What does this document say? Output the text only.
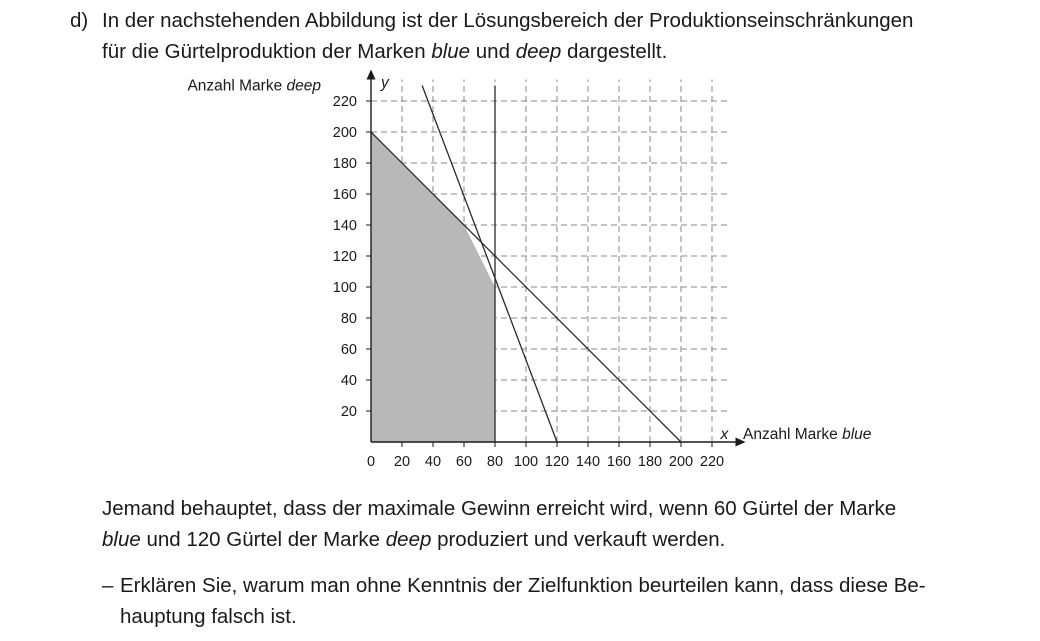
d) In der nachstehenden Abbildung ist der Lösungsbereich der Produktionseinschränkungen
für die Gürtelproduktion der Marken blue und deep dargestellt.
0 20 40 60 80 100 120 140 160 180 200 220
20
40
60
80
100
120
140
160
180
200
220
Anzahl Marke deep
Anzahl Marke blue
y
x
Jemand behauptet, dass der maximale Gewinn erreicht wird, wenn 60 Gürtel der Marke
blue und 120 Gürtel der Marke deep produziert und verkauft werden.
– Erklären Sie, warum man ohne Kenntnis der Zielfunktion beurteilen kann, dass diese Be-
hauptung falsch ist.
